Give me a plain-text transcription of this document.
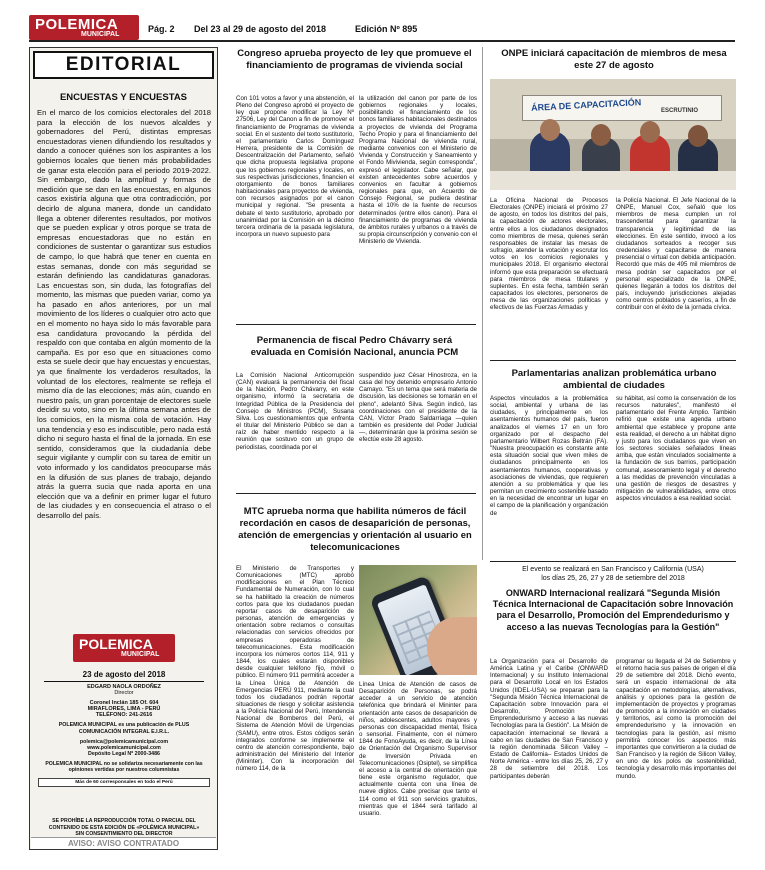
POLEMICA
MUNICIPAL
Pág. 2 Del 23 al 29 de agosto del 2018	Edición Nº 895
EDITORIAL
ENCUESTAS Y ENCUESTAS
En el marco de los comicios electorales del 2018 para la elección de los nuevos alcaldes y gobernadores del Perú, distintas empresas encuestadoras vienen difundiendo los resultados y dando a conocer quiénes son los aspirantes a los gobiernos locales que tienen más probabilidades de ganar esta elección para el periodo 2019-2022. Sin embargo, dado la amplitud y formas de medición que se dan en las encuestas, en algunos casos existiría alguna que otra contradicción, por decirlo de alguna manera, donde un candidato llega a obtener diferentes resultados, por motivos que se pueden explicar y otros porque se trata de empresas encuestadoras que no están en condiciones de sustentar o garantizar sus estudios de campo, lo que habrá que tener en cuenta en estas semanas, donde con más seguridad se estarán definiendo las candidaturas ganadoras. Las encuestas son, sin duda, las fotografías del momento, las mismas que pueden variar, como ya ha pasado en años anteriores, por un mal movimiento de los líderes o cualquier otro acto que en el momento no haya sido lo más favorable para esa candidatura provocando la pérdida del respaldo con que contaba en algún momento de la campaña. Es por eso que en situaciones como esta se suele decir que hay encuestas y encuestas, ya que finalmente los verdaderos resultados, la voluntad de los electores, realmente se refleja el mismo día de las elecciones; más aún, cuando en nuestro país, un gran porcentaje de electores suele decidir su voto, sino en la última semana antes de los comicios, en la misma cola de votación. Hay una tendencia y eso es indiscutible, pero nada está dicho ni seguro hasta el final de la jornada. En ese sentido, consideramos que la ciudadanía debe seguir vigilante y cumplir con su tarea de emitir un voto informado y los candidatos preocuparse más en la difusión de sus planes de trabajo, dejando atrás la guerra sucia que nada aporta en una elección que va a definir en primer lugar el futuro de las ciudades y en consecuencia el atraso o el desarrollo del país.
POLEMICA
MUNICIPAL
23 de agosto del 2018
EDGARD NAOLA ORDOÑEZ
Director
Coronel Inclán 185 Of. 604
MIRAFLORES, LIMA - PERÚ
TELÉFONO: 241-2616
POLEMICA MUNICIPAL es una publicación de PLUS COMUNICACIÓN INTEGRAL E.I.R.L.
polemica@polemicamunicipal.com
www.polemicamunicipal.com
Depósito Legal Nº 2000-3486
POLEMICA MUNICIPAL no se solidariza necesariamente con las opiniones vertidas por nuestros columnistas
Más de 60 corresponsales en todo el Perú
SE PROHÍBE LA REPRODUCCIÓN TOTAL O PARCIAL DEL CONTENIDO DE ESTA EDICIÓN DE «POLÉMICA MUNICIPAL» SIN CONSENTIMIENTO DEL DIRECTOR
AVISO: AVISO CONTRATADO
Congreso aprueba proyecto de ley que promueve el financiamiento de programas de vivienda social
Con 101 votos a favor y una abstención, el Pleno del Congreso aprobó el proyecto de ley que propone modificar la Ley Nº 27506, Ley del Canon a fin de promover el financiamiento de Programas de vivienda social. En el sustento del texto sustitutorio, el parlamentario Carlos Domínguez Herrera, presidente de la Comisión de Descentralización del Parlamento, señaló que dicha propuesta legislativa propone que los gobiernos regionales y locales, en sus respectivas jurisdicciones, financien el otorgamiento de bonos familiares habitacionales para proyectos de vivienda, con recursos asignados por el canon municipal y regional. "Se presenta a debate el texto sustitutorio, aprobado por unanimidad por la Comisión en la décimo tercera ordinaria de la pasada legislatura, incorpora un nuevo supuesto para
la utilización del canon por parte de los gobiernos regionales y locales, posibilitando el financiamiento de los bonos familiares habitacionales destinados a proyectos de vivienda del Programa Techo Propio y para el financiamiento del Programa Nacional de vivienda rural, mediante convenios con el Ministerio de Vivienda y Construcción y Saneamiento y el Fondo Mivivienda, según corresponda", expresó el legislador. Cabe señalar, que existen antecedentes sobre acuerdos y convenios en facultar a gobiernos regionales para que, en Acuerdo de Consejo Regional, se pudiera destinar hasta el 10% de la fuente de recursos determinados (entre ellos canon). Para el financiamiento de programas de vivienda de ámbitos rurales y urbanos o a través de su propia circunscripción y convenio con el Ministerio de Vivienda.
Permanencia de fiscal Pedro Chávarry será evaluada en Comisión Nacional, anuncia PCM
La Comisión Nacional Anticorrupción (CAN) evaluará la permanencia del fiscal de la Nación, Pedro Chávarry, en este organismo, informó la secretaria de Integridad Pública de la Presidencia del Consejo de Ministros (PCM), Susana Silva. Los cuestionamientos que enfrenta el titular del Ministerio Público se dan a raíz de haber mentido respecto a la reunión que sostuvo con un grupo de periodistas, coordinada por el
suspendido juez César Hinostroza, en la casa del hoy detenido empresario Antonio Camayo. "Es un tema que será materia de discusión, las decisiones se tomarán en el pleno", adelantó Silva. Según indicó, las coordinaciones con el presidente de la CAN, Víctor Prado Saldarriaga —quien también es presidente del Poder Judicial—, determinarán que la próxima sesión se efectúe este 28 agosto.
MTC aprueba norma que habilita números de fácil recordación en casos de desaparición de personas, atención de emergencias y orientación al usuario en telecomunicaciones
El Ministerio de Transportes y Comunicaciones (MTC) aprobó modificaciones en el Plan Técnico Fundamental de Numeración, con lo cual se ha habilitado la creación de números cortos para que los ciudadanos puedan reportar casos de desaparición de personas, atención de emergencias y orientación sobre reclamos o consultas relacionadas con servicios ofrecidos por empresas operadoras de telecomunicaciones. Esta modificación incorpora los números cortos 114, 911 y 1844, los cuales estarán disponibles desde cualquier teléfono fijo, móvil o público. El número 911 permitirá acceder a la Línea Única de Atención de Emergencias PERÚ 911, mediante la cual todos los ciudadanos podrán reportar situaciones de riesgo y solicitar asistencia a la Policía Nacional del Perú, Intendencia Nacional de Bomberos del Perú, el Sistema de Atención Móvil de Urgencias (SAMU), entre otros. Estos códigos serán integrados conforme se implemente el centro de atención correspondiente, bajo administración del Ministerio del Interior (Mininter). Con la incorporación del número 114, de la
Línea Única de Atención de casos de Desaparición de Personas, se podrá acceder a un servicio de atención telefónica que brindará el Mininter para orientación ante casos de desaparición de niños, adolescentes, adultos mayores y personas con discapacidad mental, física o sensorial. Finalmente, con el número 1844 de FonoAyuda, es decir, de la Línea de Orientación del Organismo Supervisor de Inversión Privada en Telecomunicaciones (Osiptel), se simplifica el acceso a la central de orientación que tiene este organismo regulador, que actualmente cuenta con una línea de nueve dígitos. Cabe precisar que tanto el 114 como el 911 son servicios gratuitos, mientras que el 1844 será tarifado al usuario.
ONPE iniciará capacitación de miembros de mesa este 27 de agosto
ÁREA DE CAPACITACIÓN	ESCRUTINIO
La Oficina Nacional de Procesos Electorales (ONPE) iniciará el próximo 27 de agosto, en todos los distritos del país, la capacitación de actores electorales, entre ellos a los ciudadanos designados como miembros de mesa, quienes serán responsables de instalar las mesas de sufragio, atender la votación y escrutar los votos en los comicios regionales y municipales 2018. El organismo electoral informó que esta preparación se efectuará para miembros de mesa titulares y suplentes. En esta fecha, también serán capacitados los electores, personeros de mesa de las organizaciones políticas y efectivos de las Fuerzas Armadas y
la Policía Nacional. El Jefe Nacional de la ONPE, Manuel Cox, señaló que los miembros de mesa cumplen un rol trascendental para garantizar la transparencia y legitimidad de las elecciones. En este sentido, invocó a los ciudadanos sorteados a recoger sus credenciales y capacitarse de manera presencial o virtual con debida anticipación. Recordó que más de 495 mil miembros de mesa podrán ser capacitados por el personal especializado de la ONPE, quienes llegarán a todos los distritos del país, incluyendo jurisdicciones alejadas como centros poblados y caseríos, a fin de contribuir con el éxito de la jornada cívica.
Parlamentarias analizan problemática urbano ambiental de ciudades
Aspectos vinculados a la problemática social, ambiental y urbana de las ciudades, y principalmente en los asentamientos humanos del país, fueron analizados el viernes 17 en un foro organizado por el despacho del parlamentario Wilbert Rozas Beltrán (FA). "Nuestra preocupación es constante ante esta situación social que viven miles de ciudadanos principalmente en los asentamientos humanos, cooperativas y asociaciones de viviendas, que requieren atención a su problemática y que les permitan un crecimiento sostenible basado en la necesidad de encontrar un lugar en el campo de la planificación y organización de
su hábitat, así como la conservación de los recursos naturales", manifestó el parlamentario del Frente Amplio. También refirió que existe una agenda urbano ambiental que establece y propone ante esta realidad, el derecho a un hábitat digno y justo para los ciudadanos que viven en los sectores sociales señalados líneas arriba, que están vinculados socialmente a la fundación de sus barrios, participación comunal, asesoramiento legal y el derecho a las medidas de prevención vinculadas a una gestión de riesgos de desastres y mitigación de vulnerabilidades, entre otros aspectos vinculados a esa realidad social.
El evento se realizará en San Francisco y California (USA)
los días 25, 26, 27 y 28 de setiembre del 2018
ONWARD Internacional realizará "Segunda Misión Técnica Internacional de Capacitación sobre Innovación para el Desarrollo, Promoción del Emprendedurismo y acceso a las nuevas Tecnologías para la Gestión"
La Organización para el Desarrollo de América Latina y el Caribe (ONWARD Internacional) y su Instituto Internacional para el Desarrollo Local en los Estados Unidos (IIDEL-USA) se preparan para la "Segunda Misión Técnica Internacional de Capacitación sobre Innovación para el Desarrollo, Promoción del Emprendedurismo y acceso a las nuevas Tecnologías para la Gestión". La Misión de capacitación internacional se llevará a cabo en las ciudades de San Francisco y la región denominada Silicon Valley – Estado de California– Estados Unidos de Norte América - entre los días 25, 26, 27 y 28 de setiembre del 2018. Los participantes deberán
programar su llegada el 24 de Setiembre y el retorno hacia sus países de origen el día 29 de setiembre del 2018. Dicho evento, será un espacio internacional de alta capacitación en metodologías, alternativas, análisis y opciones para la gestión de implementación de proyectos y programas de promoción a la innovación en ciudades y territorios, así como la promoción del emprendedurismo y la innovación en tecnologías para la gestión, así mismo permitirá conocer los aspectos más importantes que convirtieron a la ciudad de San Francisco y la región de Silicon Valley, en uno de los polos de sostenibilidad, tecnología y desarrollo más importantes del mundo.
